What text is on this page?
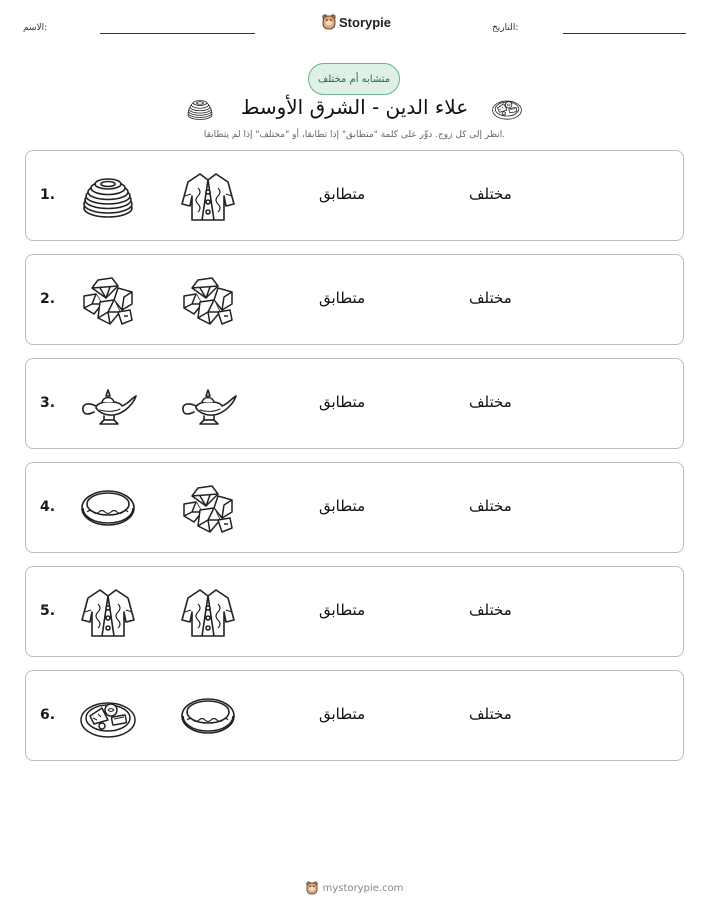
الاسم:	Storypie	التاريخ:
متشابه أم مختلف
علاء الدين - الشرق الأوسط
انظر إلى كل زوج. دوِّر على كلمة "متطابق" إذا تطابقا، أو "مختلف" إذا لم يتطابقا.
1.	متطابق	مختلف
2.	متطابق	مختلف
3.	متطابق	مختلف
4.	متطابق	مختلف
5.	متطابق	مختلف
6.	متطابق	مختلف
mystorypie.com
